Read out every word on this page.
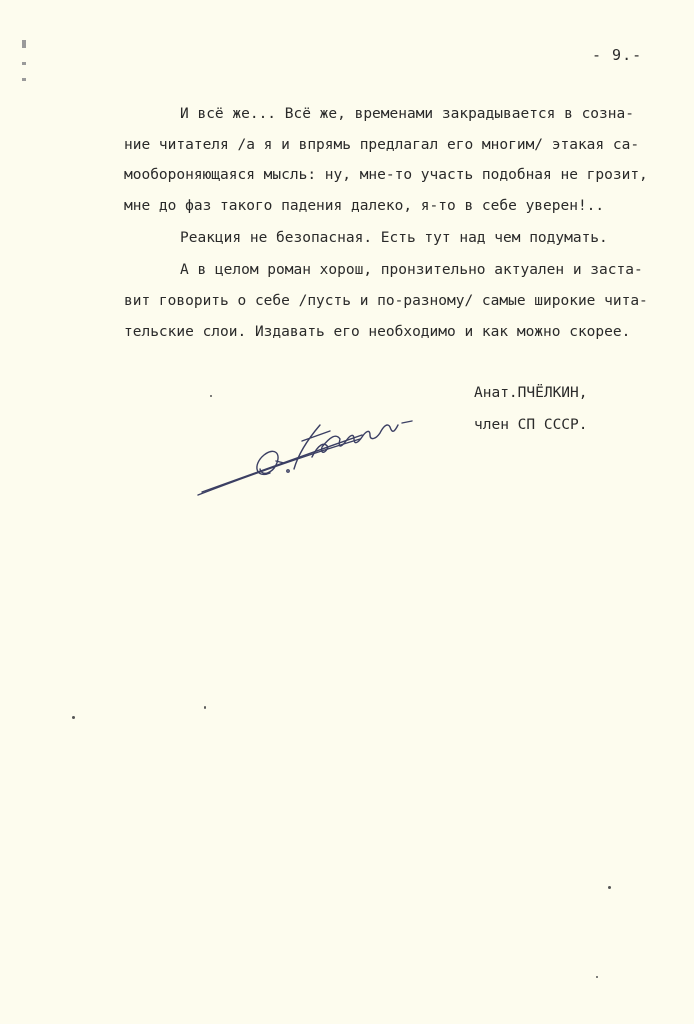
- 9.-
И всё же... Всё же, временами закрадывается в созна-
ние читателя /а я и впрямь предлагал его многим/ этакая са-
мообороняющаяся мысль: ну, мне-то участь подобная не грозит,
мне до фаз такого падения далеко, я-то в себе уверен!..
Реакция не безопасная. Есть тут над чем подумать.
А в целом роман хорош, пронзительно актуален и заста-
вит говорить о себе /пусть и по-разному/ самые широкие чита-
тельские слои. Издавать его необходимо и как можно скорее.
Анат.ПЧЁЛКИН,
член СП СССР.
